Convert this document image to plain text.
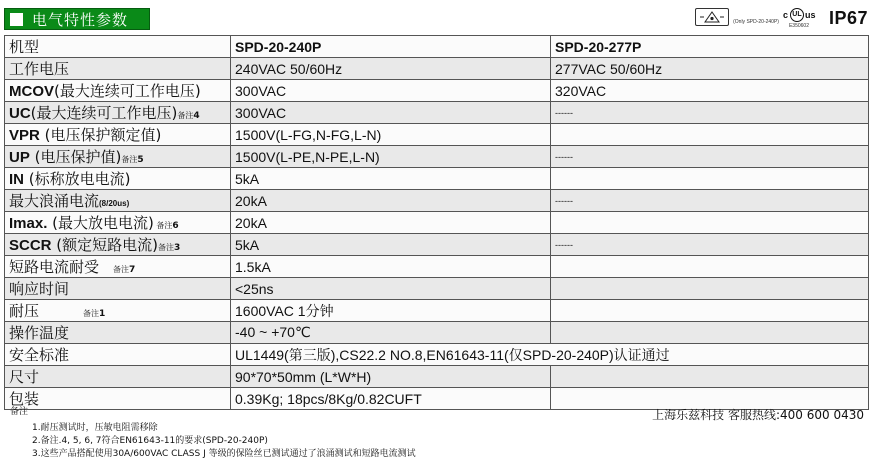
电气特性参数	(Only SPD-20-240P)
c UL us
E350602 IP67
机型	SPD-20-240P	SPD-20-277P
工作电压	240VAC 50/60Hz	277VAC 50/60Hz
MCOV(最大连续可工作电压)	300VAC	320VAC
UC(最大连续可工作电压)备注4	300VAC	------
VPR (电压保护额定值)	1500V(L-FG,N-FG,L-N)	
UP (电压保护值)备注5	1500V(L-PE,N-PE,L-N)	------
IN (标称放电电流)	5kA	
最大浪涌电流(8/20us)	20kA	------
Imax. (最大放电电流) 备注6	20kA	
SCCR (额定短路电流)备注3	5kA	------
短路电流耐受 备注7	1.5kA	
响应时间	<25ns	
耐压 备注1	1600VAC 1分钟	
操作温度	-40 ~ +70℃	
安全标准	UL1449(第三版),CS22.2 NO.8,EN61643-11(仅SPD-20-240P)认证通过	
尺寸	90*70*50mm (L*W*H)	
包装	0.39Kg; 18pcs/8Kg/0.82CUFT	
备注
1.耐压测试时，压敏电阻需移除
2.备注.4, 5, 6, 7符合EN61643-11的要求(SPD-20-240P)
3.这些产品搭配使用30A/600VAC CLASS J 等级的保险丝已测试通过了浪涌测试和短路电流测试
上海乐兹科技 客服热线:400 600 0430
